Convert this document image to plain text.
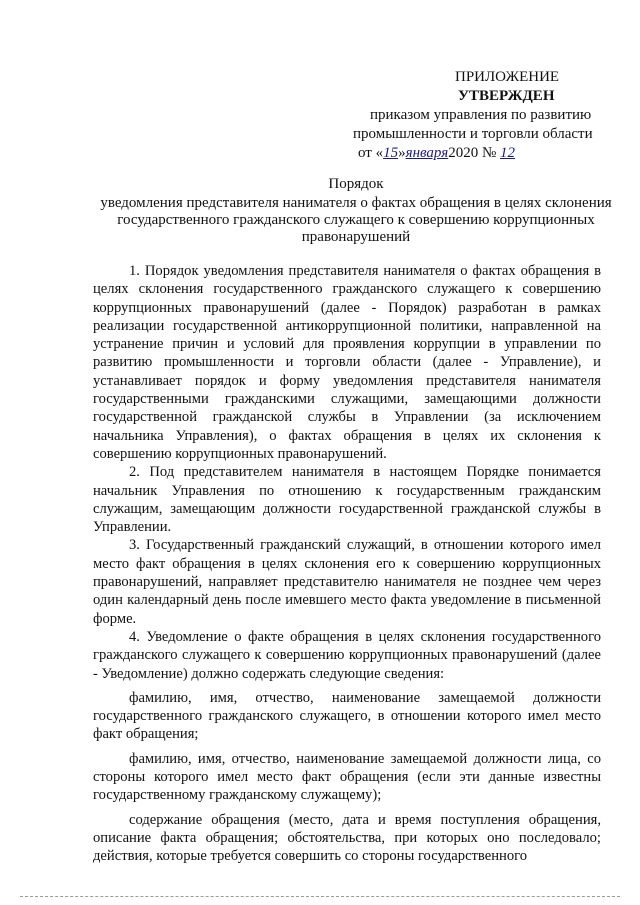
ПРИЛОЖЕНИЕ
УТВЕРЖДЕН
приказом управления по развитию
промышленности и торговли области
от «15»января2020 № 12
Порядок
уведомления представителя нанимателя о фактах обращения в целях склонения государственного гражданского служащего к совершению коррупционных правонарушений

1. Порядок уведомления представителя нанимателя о фактах обращения в целях склонения государственного гражданского служащего к совершению коррупционных правонарушений (далее - Порядок) разработан в рамках реализации государственной антикоррупционной политики, направленной на устранение причин и условий для проявления коррупции в управлении по развитию промышленности и торговли области (далее - Управление), и устанавливает порядок и форму уведомления представителя нанимателя государственными гражданскими служащими, замещающими должности государственной гражданской службы в Управлении (за исключением начальника Управления), о фактах обращения в целях их склонения к совершению коррупционных правонарушений.

2. Под представителем нанимателя в настоящем Порядке понимается начальник Управления по отношению к государственным гражданским служащим, замещающим должности государственной гражданской службы в Управлении.

3. Государственный гражданский служащий, в отношении которого имел место факт обращения в целях склонения его к совершению коррупционных правонарушений, направляет представителю нанимателя не позднее чем через один календарный день после имевшего место факта уведомление в письменной форме.

4. Уведомление о факте обращения в целях склонения государственного гражданского служащего к совершению коррупционных правонарушений (далее - Уведомление) должно содержать следующие сведения:

фамилию, имя, отчество, наименование замещаемой должности государственного гражданского служащего, в отношении которого имел место факт обращения;

фамилию, имя, отчество, наименование замещаемой должности лица, со стороны которого имел место факт обращения (если эти данные известны государственному гражданскому служащему);

содержание обращения (место, дата и время поступления обращения, описание факта обращения; обстоятельства, при которых оно последовало; действия, которые требуется совершить со стороны государственного
